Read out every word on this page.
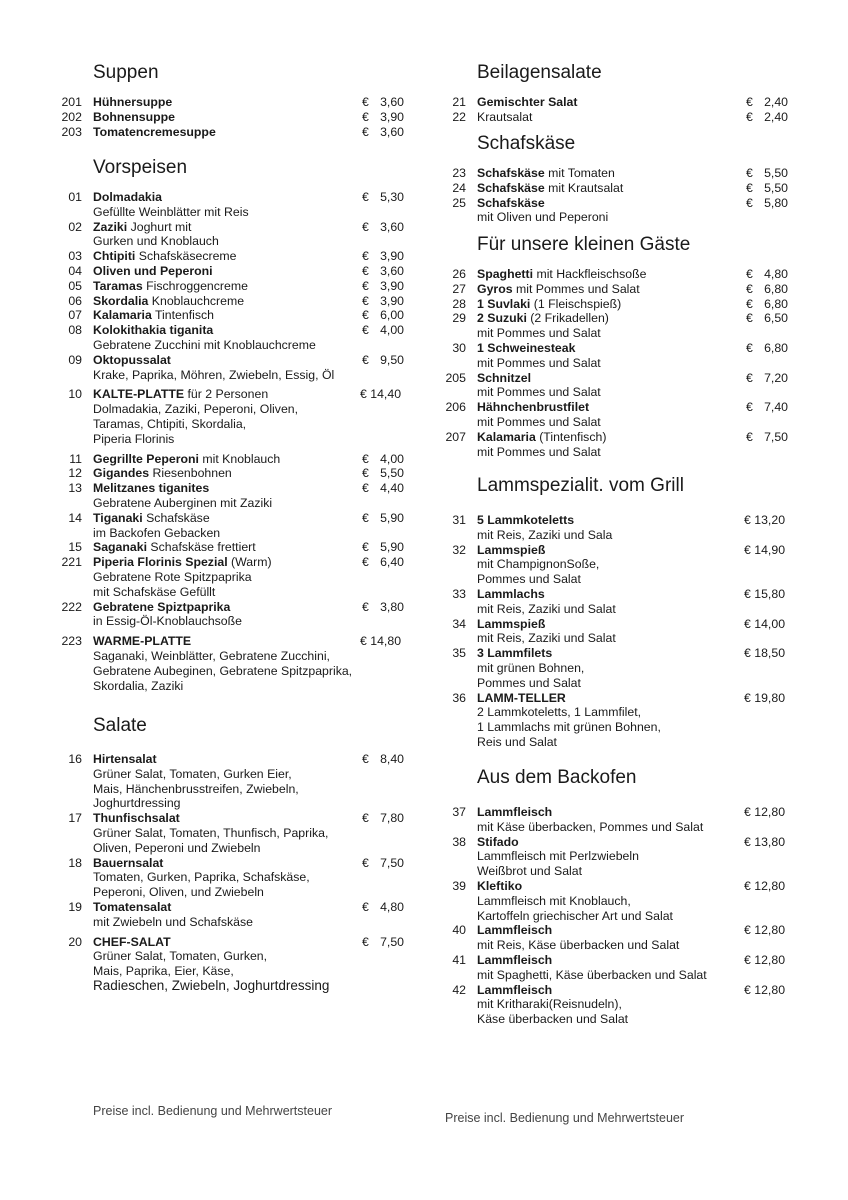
Suppen
201 Hühnersuppe	€ 3,60
202 Bohnensuppe	€ 3,90
203 Tomatencremesuppe	€ 3,60
Vorspeisen
01 Dolmadakia	€ 5,30
Gefüllte Weinblätter mit Reis
02 Zaziki Joghurt mit	€ 3,60
Gurken und Knoblauch
03 Chtipiti Schafskäsecreme	€ 3,90
04 Oliven und Peperoni	€ 3,60
05 Taramas Fischroggencreme	€ 3,90
06 Skordalia Knoblauchcreme	€ 3,90
07 Kalamaria Tintenfisch	€ 6,00
08 Kolokithakia tiganita	€ 4,00
Gebratene Zucchini mit Knoblauchcreme
09 Oktopussalat	€ 9,50
Krake, Paprika, Möhren, Zwiebeln, Essig, Öl
10 KALTE-PLATTE für 2 Personen	€ 14,40
Dolmadakia, Zaziki, Peperoni, Oliven,
Taramas, Chtipiti, Skordalia,
Piperia Florinis
11 Gegrillte Peperoni mit Knoblauch	€ 4,00
12 Gigandes Riesenbohnen	€ 5,50
13 Melitzanes tiganites	€ 4,40
Gebratene Auberginen mit Zaziki
14 Tiganaki Schafskäse	€ 5,90
im Backofen Gebacken
15 Saganaki Schafskäse frettiert	€ 5,90
221 Piperia Florinis Spezial (Warm)	€ 6,40
Gebratene Rote Spitzpaprika
mit Schafskäse Gefüllt
222 Gebratene Spiztpaprika	€ 3,80
in Essig-Öl-Knoblauchsoße
223 WARME-PLATTE	€ 14,80
Saganaki, Weinblätter, Gebratene Zucchini,
Gebratene Aubeginen, Gebratene Spitzpaprika,
Skordalia, Zaziki
Salate
16 Hirtensalat	€ 8,40
Grüner Salat, Tomaten, Gurken Eier,
Mais, Hänchenbrusstreifen, Zwiebeln,
Joghurtdressing
17 Thunfischsalat	€ 7,80
Grüner Salat, Tomaten, Thunfisch, Paprika,
Oliven, Peperoni und Zwiebeln
18 Bauernsalat	€ 7,50
Tomaten, Gurken, Paprika, Schafskäse,
Peperoni, Oliven, und Zwiebeln
19 Tomatensalat	€ 4,80
mit Zwiebeln und Schafskäse
20 CHEF-SALAT	€ 7,50
Grüner Salat, Tomaten, Gurken,
Mais, Paprika, Eier, Käse,
Radieschen, Zwiebeln, Joghurtdressing
Beilagensalate
21 Gemischter Salat	€ 2,40
22 Krautsalat	€ 2,40
Schafskäse
23 Schafskäse mit Tomaten	€ 5,50
24 Schafskäse mit Krautsalat	€ 5,50
25 Schafskäse	€ 5,80
mit Oliven und Peperoni
Für unsere kleinen Gäste
26 Spaghetti mit Hackfleischsoße	€ 4,80
27 Gyros mit Pommes und Salat	€ 6,80
28 1 Suvlaki (1 Fleischspieß)	€ 6,80
29 2 Suzuki (2 Frikadellen)	€ 6,50
mit Pommes und Salat
30 1 Schweinesteak	€ 6,80
mit Pommes und Salat
205 Schnitzel	€ 7,20
mit Pommes und Salat
206 Hähnchenbrustfilet	€ 7,40
mit Pommes und Salat
207 Kalamaria (Tintenfisch)	€ 7,50
mit Pommes und Salat
Lammspezialit. vom Grill
31 5 Lammkoteletts	€ 13,20
mit Reis, Zaziki und Sala
32 Lammspieß	€ 14,90
mit ChampignonSoße,
Pommes und Salat
33 Lammlachs	€ 15,80
mit Reis, Zaziki und Salat
34 Lammspieß	€ 14,00
mit Reis, Zaziki und Salat
35 3 Lammfilets	€ 18,50
mit grünen Bohnen,
Pommes und Salat
36 LAMM-TELLER	€ 19,80
2 Lammkoteletts, 1 Lammfilet,
1 Lammlachs mit grünen Bohnen,
Reis und Salat
Aus dem Backofen
37 Lammfleisch	€ 12,80
mit Käse überbacken, Pommes und Salat
38 Stifado	€ 13,80
Lammfleisch mit Perlzwiebeln
Weißbrot und Salat
39 Kleftiko	€ 12,80
Lammfleisch mit Knoblauch,
Kartoffeln griechischer Art und Salat
40 Lammfleisch	€ 12,80
mit Reis, Käse überbacken und Salat
41 Lammfleisch	€ 12,80
mit Spaghetti, Käse überbacken und Salat
42 Lammfleisch	€ 12,80
mit Kritharaki(Reisnudeln),
Käse überbacken und Salat
Preise incl. Bedienung und Mehrwertsteuer	Preise incl. Bedienung und Mehrwertsteuer
